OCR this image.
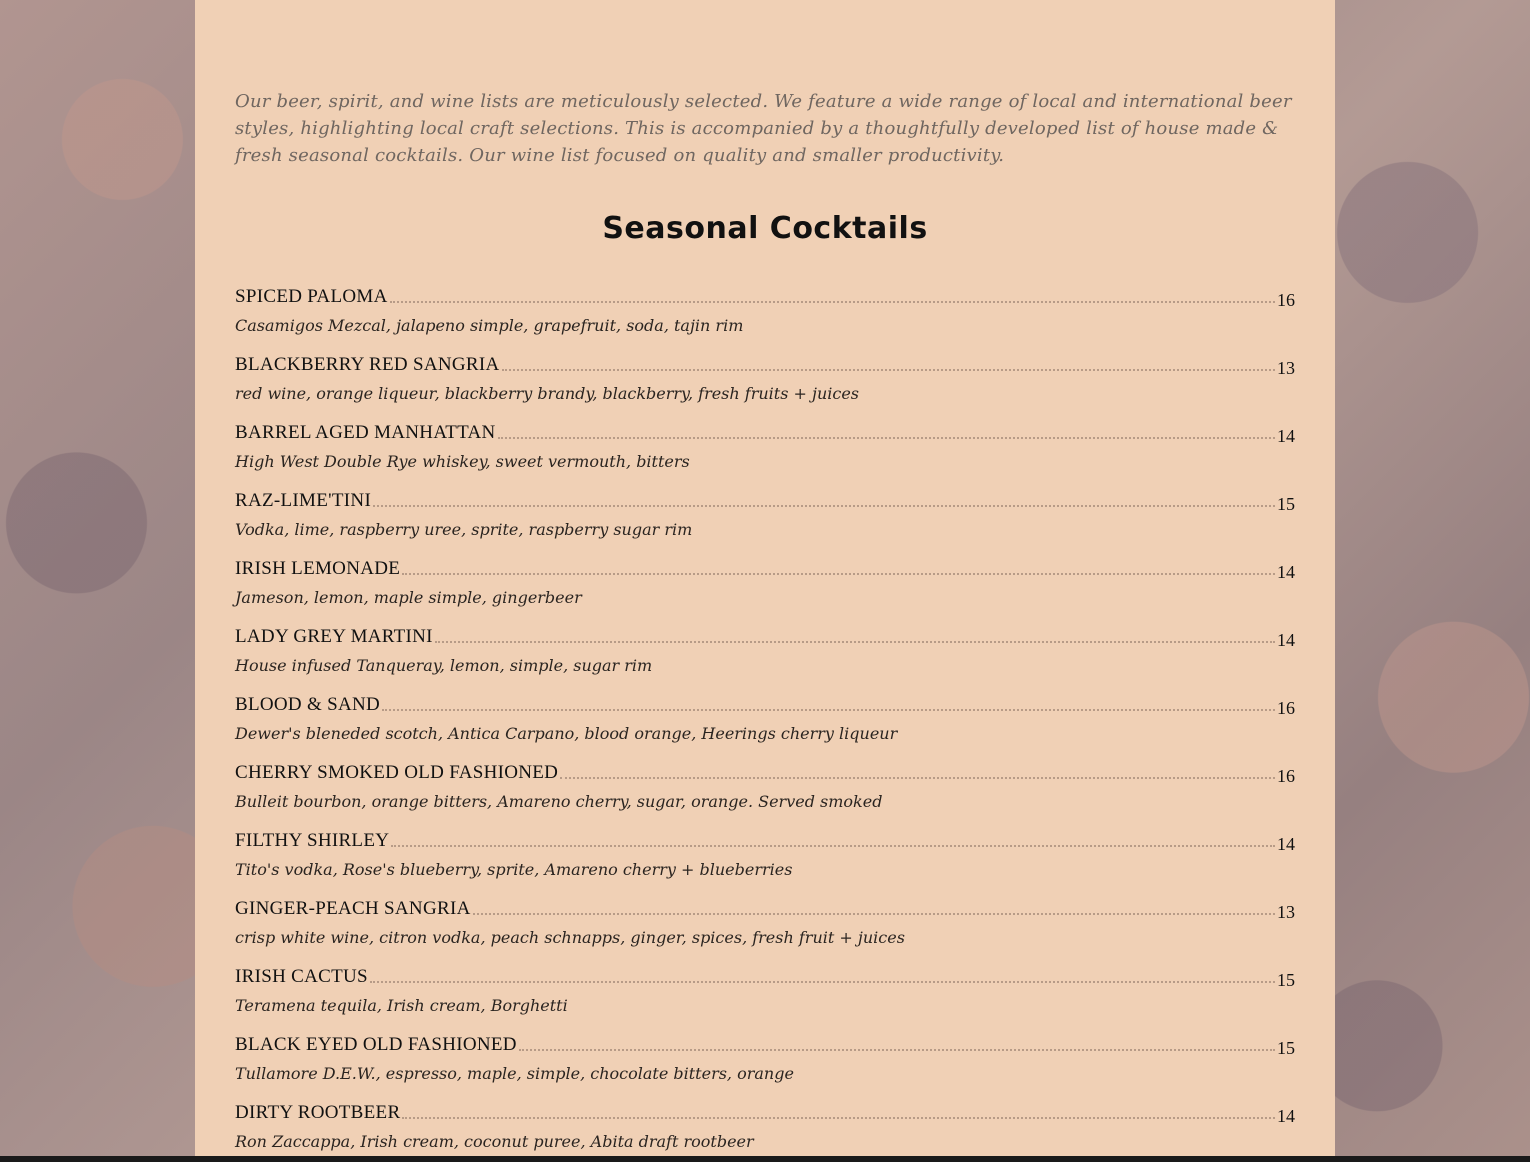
Our beer, spirit, and wine lists are meticulously selected. We feature a wide range of local and international beer styles, highlighting local craft selections. This is accompanied by a thoughtfully developed list of house made & fresh seasonal cocktails. Our wine list focused on quality and smaller productivity.

Seasonal Cocktails
SPICED PALOMA	16
Casamigos Mezcal, jalapeno simple, grapefruit, soda, tajin rim
BLACKBERRY RED SANGRIA	13
red wine, orange liqueur, blackberry brandy, blackberry, fresh fruits + juices
BARREL AGED MANHATTAN	14
High West Double Rye whiskey, sweet vermouth, bitters
RAZ-LIME'TINI	15
Vodka, lime, raspberry uree, sprite, raspberry sugar rim
IRISH LEMONADE	14
Jameson, lemon, maple simple, gingerbeer
LADY GREY MARTINI	14
House infused Tanqueray, lemon, simple, sugar rim
BLOOD & SAND	16
Dewer's bleneded scotch, Antica Carpano, blood orange, Heerings cherry liqueur
CHERRY SMOKED OLD FASHIONED	16
Bulleit bourbon, orange bitters, Amareno cherry, sugar, orange. Served smoked
FILTHY SHIRLEY	14
Tito's vodka, Rose's blueberry, sprite, Amareno cherry + blueberries
GINGER-PEACH SANGRIA	13
crisp white wine, citron vodka, peach schnapps, ginger, spices, fresh fruit + juices
IRISH CACTUS	15
Teramena tequila, Irish cream, Borghetti
BLACK EYED OLD FASHIONED	15
Tullamore D.E.W., espresso, maple, simple, chocolate bitters, orange
DIRTY ROOTBEER	14
Ron Zaccappa, Irish cream, coconut puree, Abita draft rootbeer
